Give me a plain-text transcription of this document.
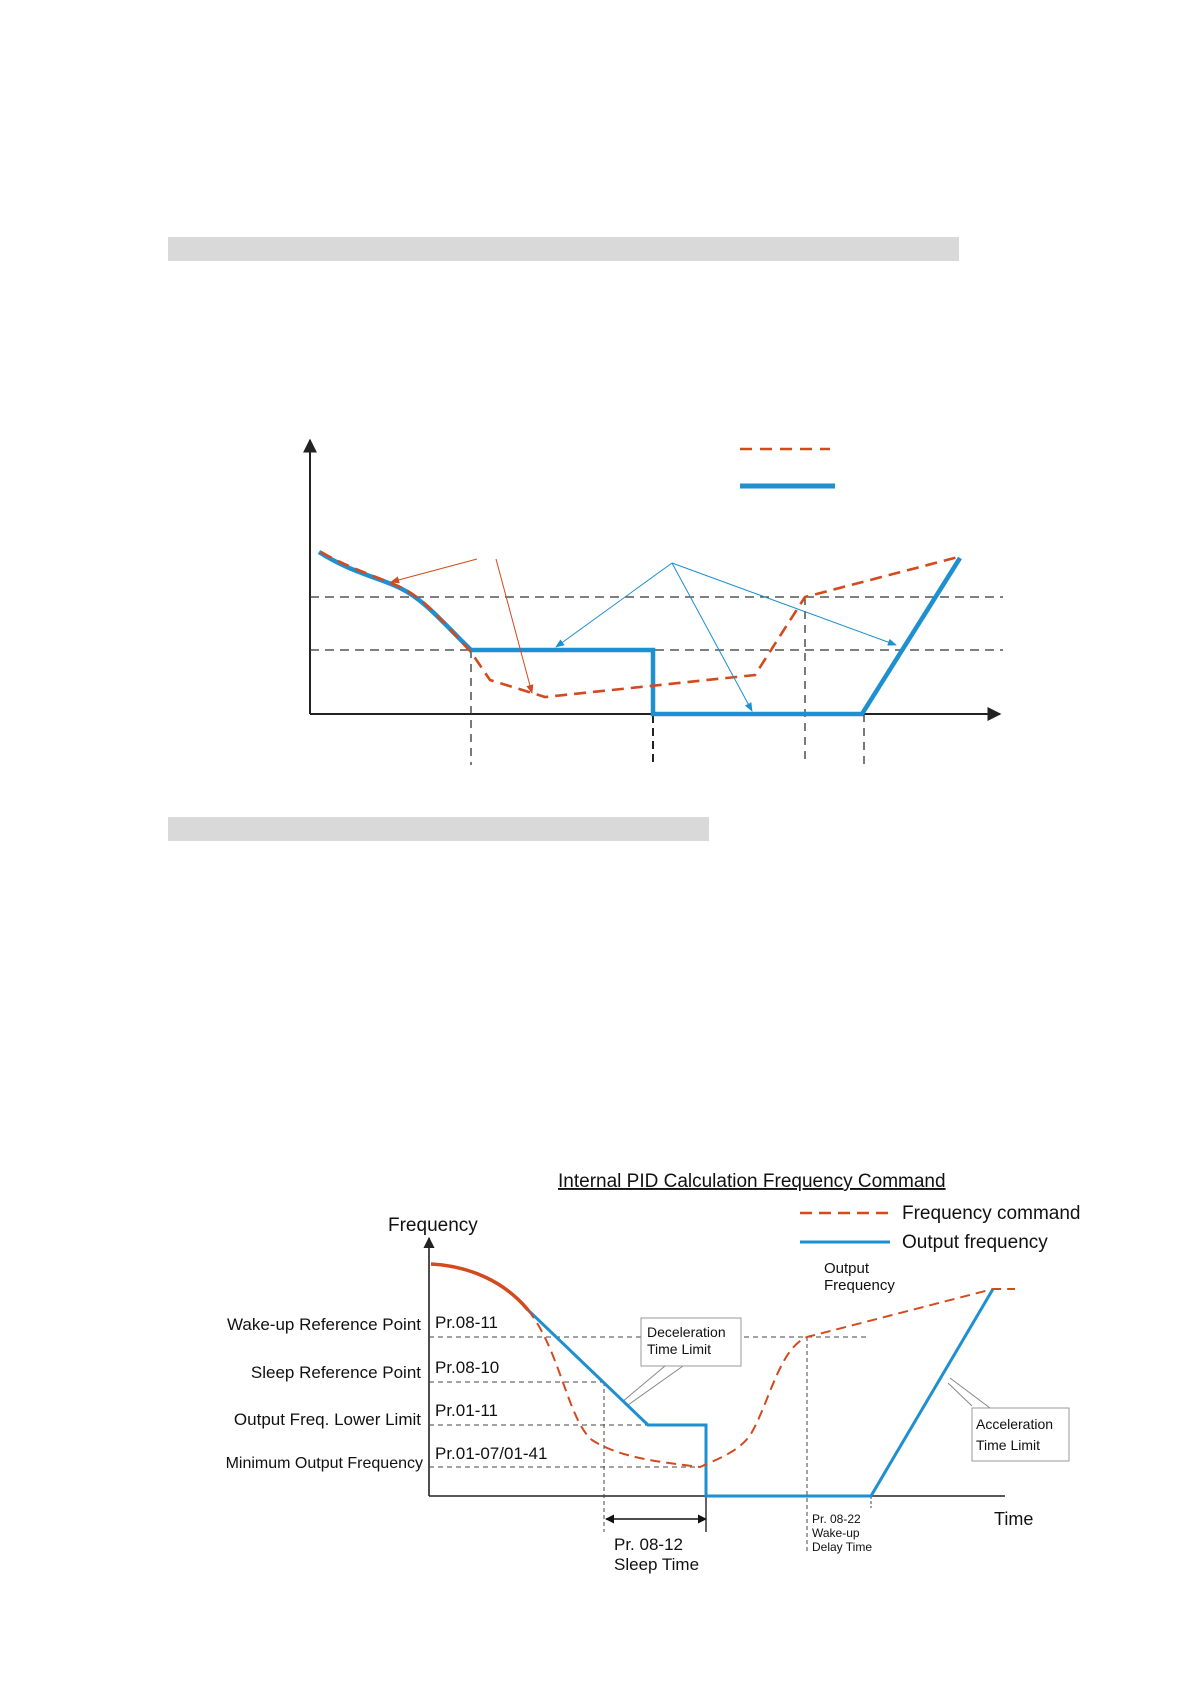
Internal PID Calculation Frequency Command
Frequency command
Output frequency
Frequency
Time
Wake-up Reference Point
Sleep Reference Point
Output Freq. Lower Limit
Minimum Output Frequency
Pr.08-11
Pr.08-10
Pr.01-11
Pr.01-07/01-41
Pr. 08-12
Sleep Time
Pr. 08-22
Wake-up
Delay Time
Output
Frequency
Deceleration
Time Limit
Acceleration
Time Limit
